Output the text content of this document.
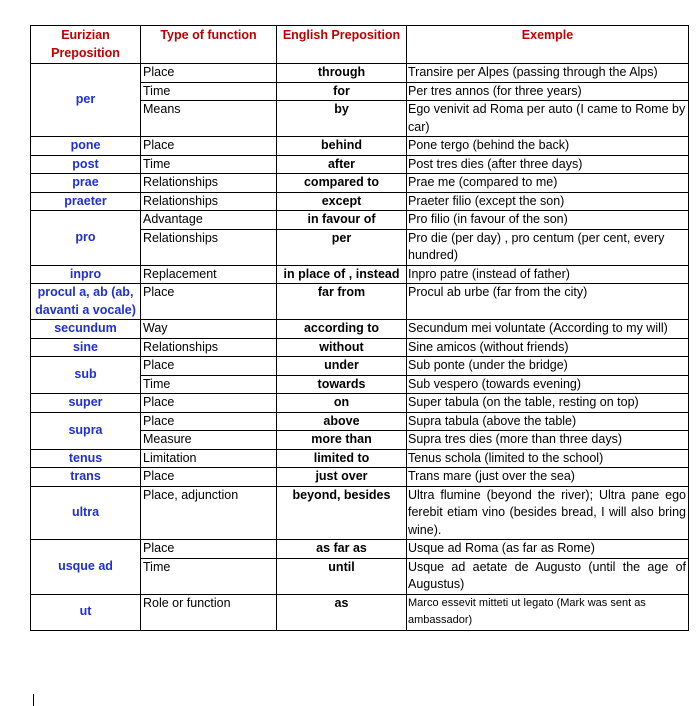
Eurizian Preposition	Type of function	English Preposition	Exemple
per	Place	through	Transire per Alpes (passing through the Alps)
	Time	for	Per tres annos (for three years)
	Means	by	Ego venivit ad Roma per auto (I came to Rome by car)
pone	Place	behind	Pone tergo (behind the back)
post	Time	after	Post tres dies (after three days)
prae	Relationships	compared to	Prae me (compared to me)
praeter	Relationships	except	Praeter filio (except the son)
pro	Advantage	in favour of	Pro filio (in favour of the son)
	Relationships	per	Pro die (per day) , pro centum (per cent, every hundred)
inpro	Replacement	in place of , instead	Inpro patre (instead of father)
procul a, ab (ab, davanti a vocale)	Place	far from	Procul ab urbe (far from the city)
secundum	Way	according to	Secundum mei voluntate (According to my will)
sine	Relationships	without	Sine amicos (without friends)
sub	Place	under	Sub ponte (under the bridge)
	Time	towards	Sub vespero (towards evening)
super	Place	on	Super tabula (on the table, resting on top)
supra	Place	above	Supra tabula (above the table)
	Measure	more than	Supra tres dies (more than three days)
tenus	Limitation	limited to	Tenus schola (limited to the school)
trans	Place	just over	Trans mare (just over the sea)
ultra	Place, adjunction	beyond, besides	Ultra flumine (beyond the river); Ultra pane ego ferebit etiam vino (besides bread, I will also bring wine).
usque ad	Place	as far as	Usque ad Roma (as far as Rome)
	Time	until	Usque ad aetate de Augusto (until the age of Augustus)
ut	Role or function	as	Marco essevit mitteti ut legato (Mark was sent as ambassador)
